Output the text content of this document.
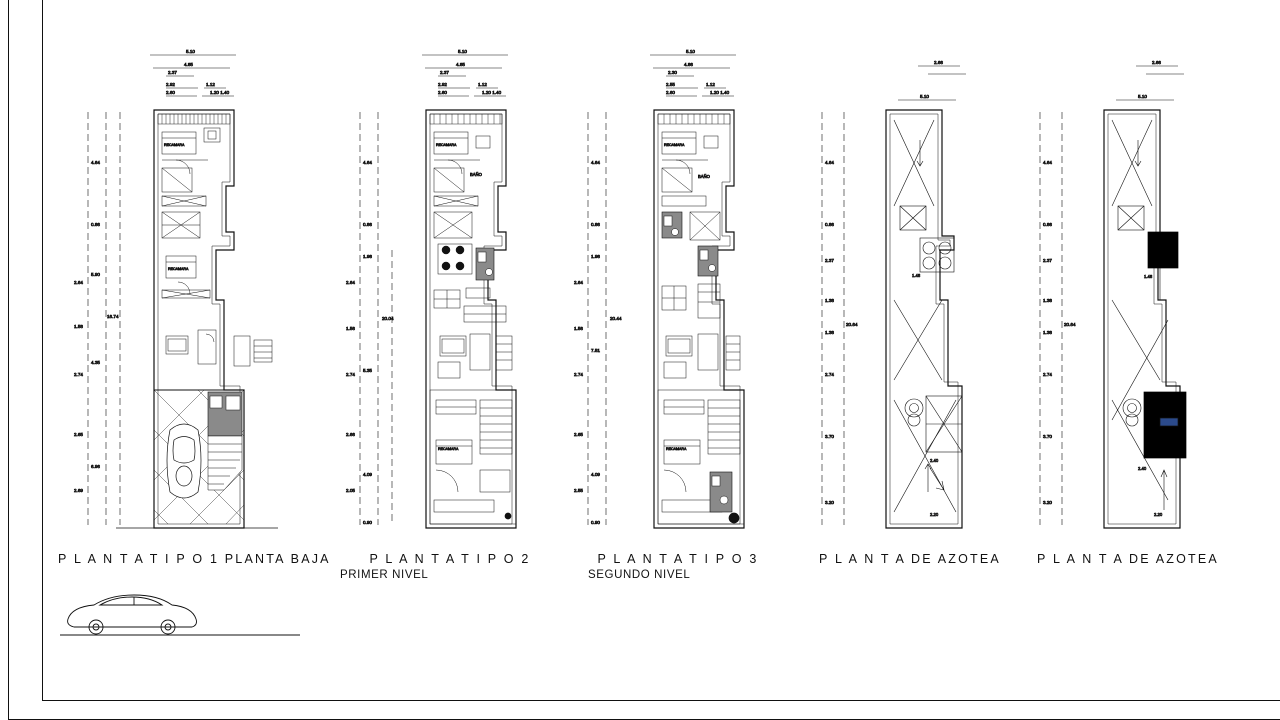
5.10
4.85
2.37
2.92	1.12
2.60	1.20 1.40
4.64
0.86
5.90
2.64
1.58
16.74
2.74
4.35
2.65
6.96
2.69
RECAMARA
RECAMARA
P L A N T A T I P O 1 PLANTA BAJA
5.10
4.85
2.37
2.92	1.12
2.60	1.20 1.40
4.64
0.86
1.98
2.64
1.56
20.04
2.74
5.35
2.66
4.09
2.05
0.90
RECAMARA
BAÑO
RECAMARA
P L A N T A T I P O 2
PRIMER NIVEL
5.10
4.86
2.30
2.55	1.12
2.60	1.20 1.40
4.64
0.86
1.98
2.64
1.56
20.44
7.51
2.74
2.65
4.09
2.55
0.90
RECAMARA
BAÑO
RECAMARA
P L A N T A T I P O 3
SEGUNDO NIVEL
2.66
5.10
4.64
0.86
2.37
1.38
1.38
20.64
2.74
3.70
3.20
1.48
2.40
2.20
P L A N T A DE AZOTEA
2.66
5.10
4.64
0.86
2.37
1.38
1.38
20.64
2.74
3.70
3.20
1.48
2.40
2.20
P L A N T A DE AZOTEA
